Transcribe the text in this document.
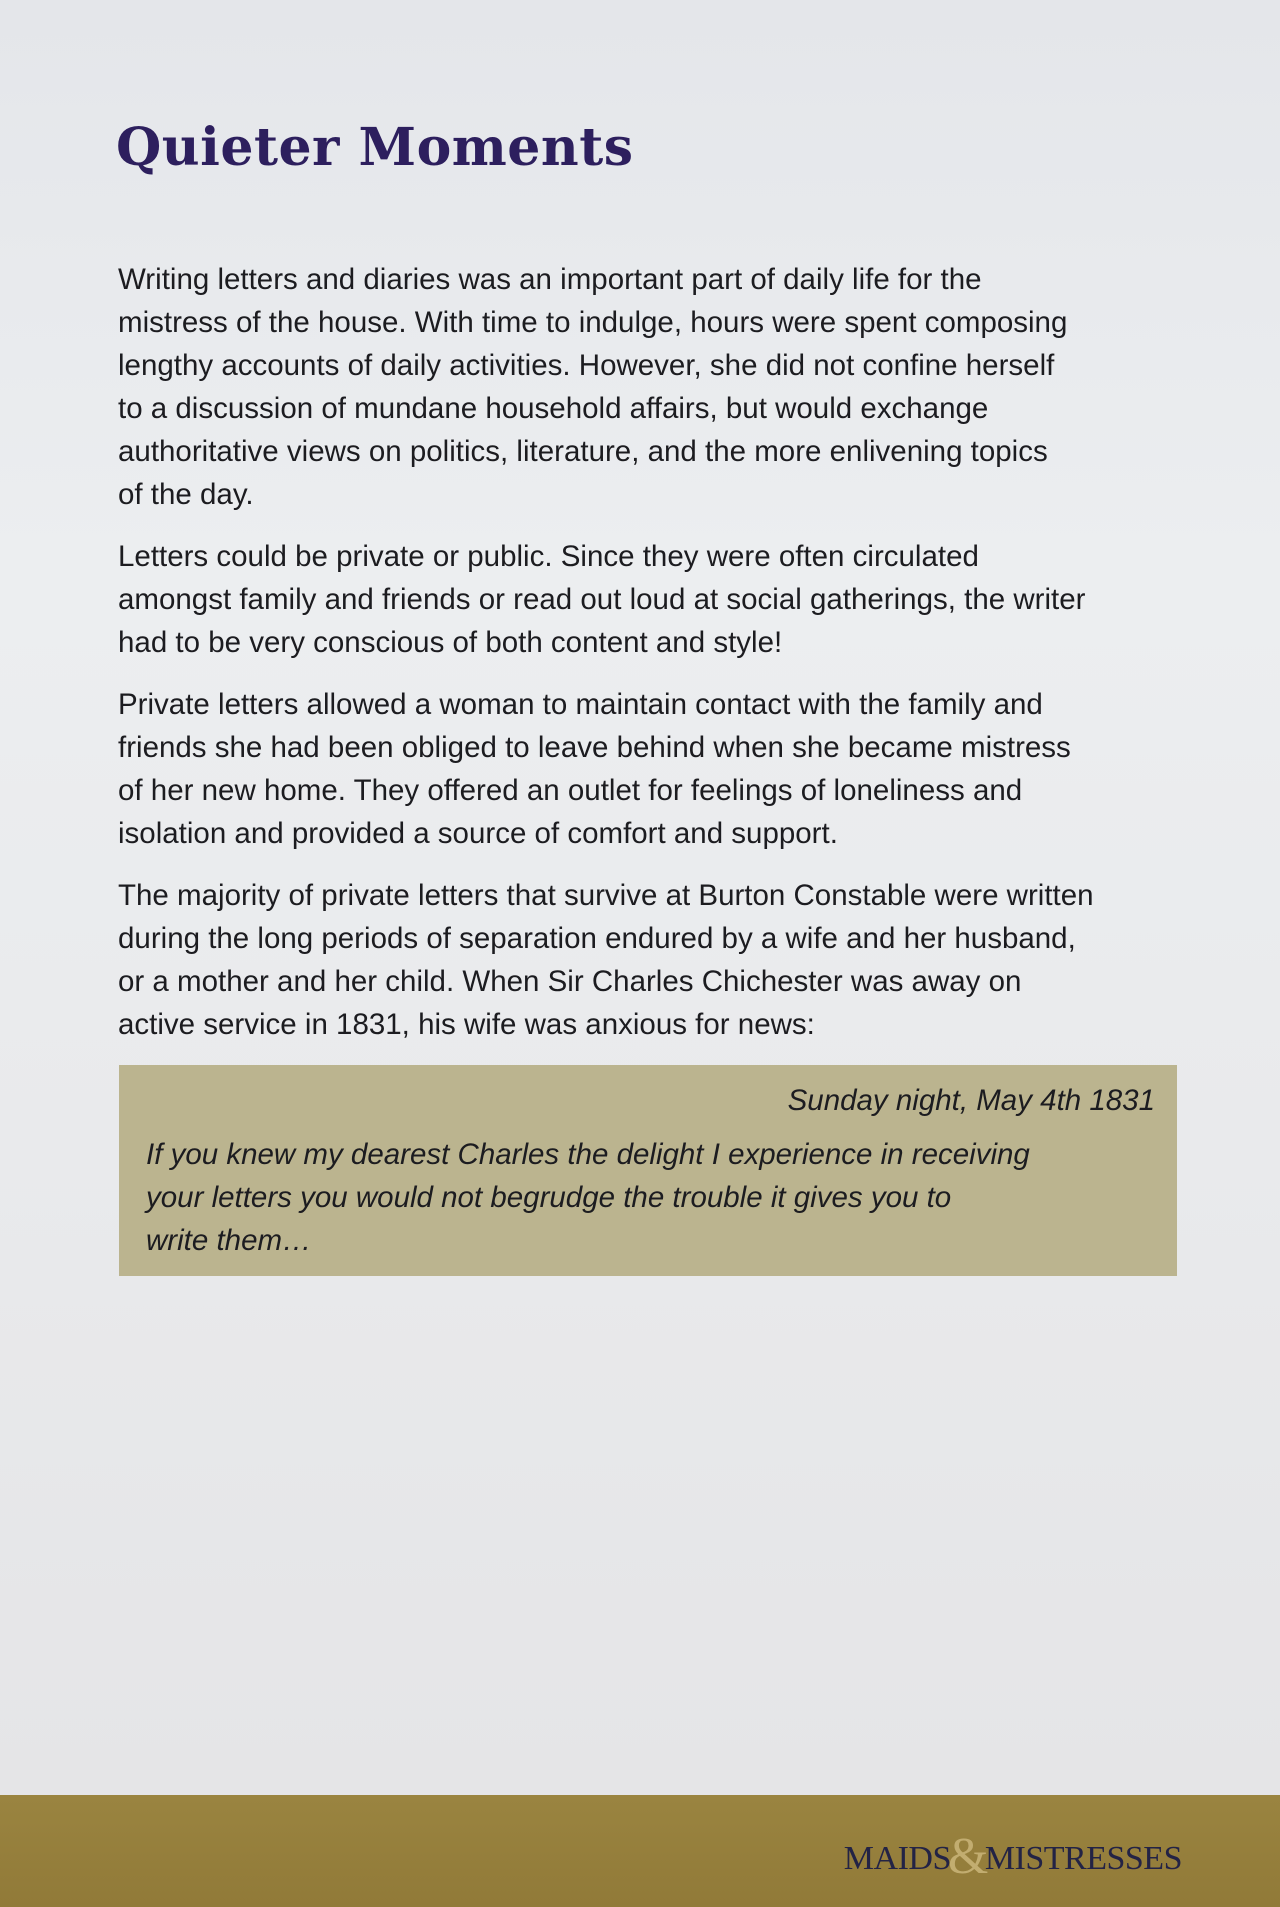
Quieter Moments

Writing letters and diaries was an important part of daily life for the
mistress of the house. With time to indulge, hours were spent composing
lengthy accounts of daily activities. However, she did not confine herself
to a discussion of mundane household affairs, but would exchange
authoritative views on politics, literature, and the more enlivening topics
of the day.

Letters could be private or public. Since they were often circulated
amongst family and friends or read out loud at social gatherings, the writer
had to be very conscious of both content and style!

Private letters allowed a woman to maintain contact with the family and
friends she had been obliged to leave behind when she became mistress
of her new home. They offered an outlet for feelings of loneliness and
isolation and provided a source of comfort and support.

The majority of private letters that survive at Burton Constable were written
during the long periods of separation endured by a wife and her husband,
or a mother and her child. When Sir Charles Chichester was away on
active service in 1831, his wife was anxious for news:

Sunday night, May 4th 1831
If you knew my dearest Charles the delight I experience in receiving
your letters you would not begrudge the trouble it gives you to
write them…
MAIDS&MISTRESSES
